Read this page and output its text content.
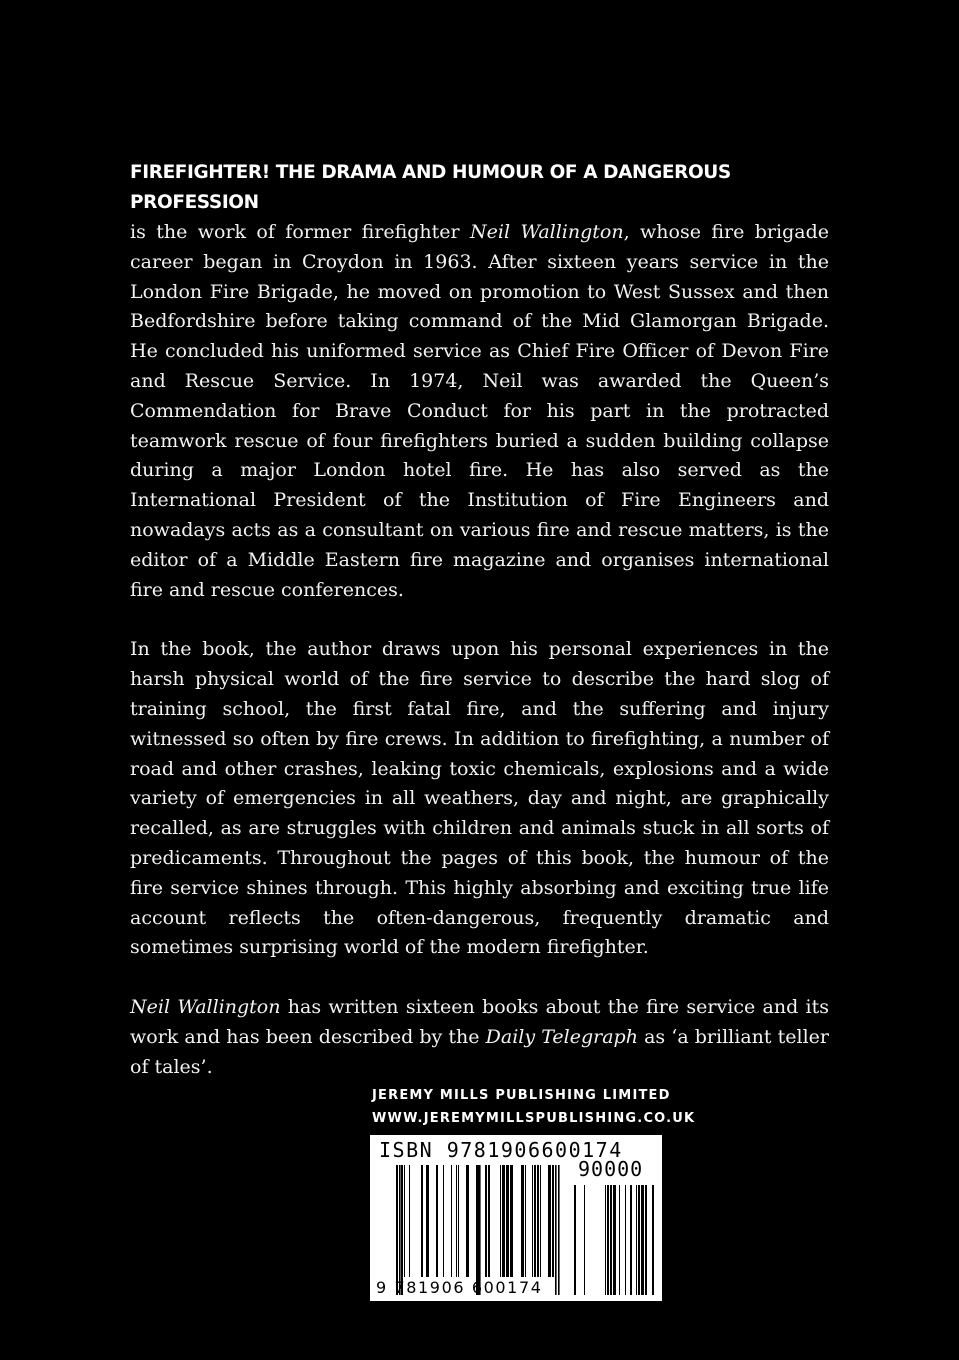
FIREFIGHTER! THE DRAMA AND HUMOUR OF A DANGEROUS PROFESSION
is the work of former firefighter Neil Wallington, whose fire brigade career began in Croydon in 1963. After sixteen years service in the London Fire Brigade, he moved on promotion to West Sussex and then Bedfordshire before taking command of the Mid Glamorgan Brigade. He concluded his uniformed service as Chief Fire Officer of Devon Fire and Rescue Service. In 1974, Neil was awarded the Queen’s Commendation for Brave Conduct for his part in the protracted teamwork rescue of four firefighters buried a sudden building collapse during a major London hotel fire. He has also served as the International President of the Institution of Fire Engineers and nowadays acts as a consultant on various fire and rescue matters, is the editor of a Middle Eastern fire magazine and organises international fire and rescue conferences.

In the book, the author draws upon his personal experiences in the harsh physical world of the fire service to describe the hard slog of training school, the first fatal fire, and the suffering and injury witnessed so often by fire crews. In addition to firefighting, a number of road and other crashes, leaking toxic chemicals, explosions and a wide variety of emergencies in all weathers, day and night, are graphically recalled, as are struggles with children and animals stuck in all sorts of predicaments. Throughout the pages of this book, the humour of the fire service shines through. This highly absorbing and exciting true life account reflects the often-dangerous, frequently dramatic and sometimes surprising world of the modern firefighter.

Neil Wallington has written sixteen books about the fire service and its work and has been described by the Daily Telegraph as ‘a brilliant teller of tales’.

JEREMY MILLS PUBLISHING LIMITED
WWW.JEREMYMILLSPUBLISHING.CO.UK
ISBN 9781906600174
90000
9 781906 600174
